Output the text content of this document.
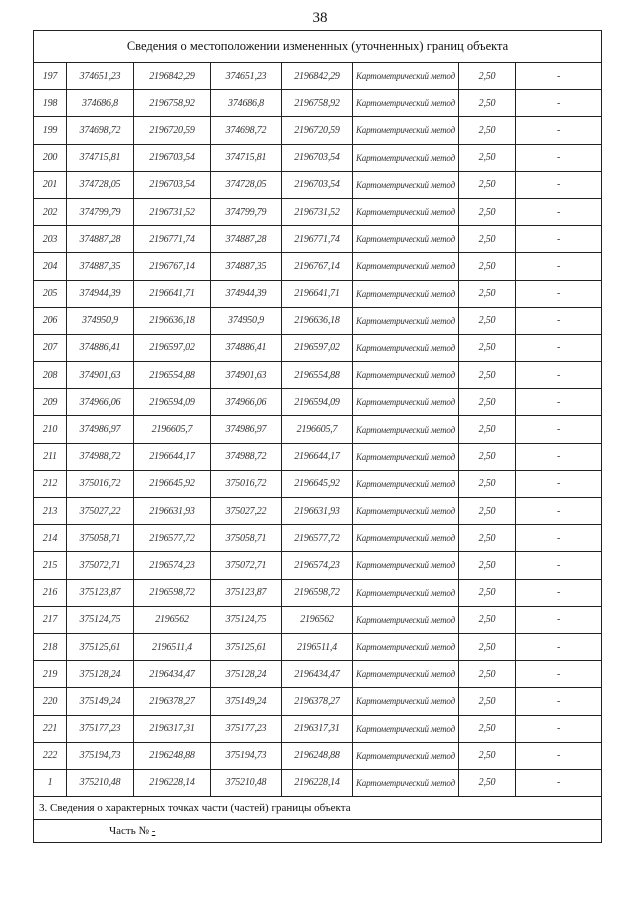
38
Сведения о местоположении измененных (уточненных) границ объекта							
197	374651,23	2196842,29	374651,23	2196842,29	Картометрический метод	2,50	-
198	374686,8	2196758,92	374686,8	2196758,92	Картометрический метод	2,50	-
199	374698,72	2196720,59	374698,72	2196720,59	Картометрический метод	2,50	-
200	374715,81	2196703,54	374715,81	2196703,54	Картометрический метод	2,50	-
201	374728,05	2196703,54	374728,05	2196703,54	Картометрический метод	2,50	-
202	374799,79	2196731,52	374799,79	2196731,52	Картометрический метод	2,50	-
203	374887,28	2196771,74	374887,28	2196771,74	Картометрический метод	2,50	-
204	374887,35	2196767,14	374887,35	2196767,14	Картометрический метод	2,50	-
205	374944,39	2196641,71	374944,39	2196641,71	Картометрический метод	2,50	-
206	374950,9	2196636,18	374950,9	2196636,18	Картометрический метод	2,50	-
207	374886,41	2196597,02	374886,41	2196597,02	Картометрический метод	2,50	-
208	374901,63	2196554,88	374901,63	2196554,88	Картометрический метод	2,50	-
209	374966,06	2196594,09	374966,06	2196594,09	Картометрический метод	2,50	-
210	374986,97	2196605,7	374986,97	2196605,7	Картометрический метод	2,50	-
211	374988,72	2196644,17	374988,72	2196644,17	Картометрический метод	2,50	-
212	375016,72	2196645,92	375016,72	2196645,92	Картометрический метод	2,50	-
213	375027,22	2196631,93	375027,22	2196631,93	Картометрический метод	2,50	-
214	375058,71	2196577,72	375058,71	2196577,72	Картометрический метод	2,50	-
215	375072,71	2196574,23	375072,71	2196574,23	Картометрический метод	2,50	-
216	375123,87	2196598,72	375123,87	2196598,72	Картометрический метод	2,50	-
217	375124,75	2196562	375124,75	2196562	Картометрический метод	2,50	-
218	375125,61	2196511,4	375125,61	2196511,4	Картометрический метод	2,50	-
219	375128,24	2196434,47	375128,24	2196434,47	Картометрический метод	2,50	-
220	375149,24	2196378,27	375149,24	2196378,27	Картометрический метод	2,50	-
221	375177,23	2196317,31	375177,23	2196317,31	Картометрический метод	2,50	-
222	375194,73	2196248,88	375194,73	2196248,88	Картометрический метод	2,50	-
1	375210,48	2196228,14	375210,48	2196228,14	Картометрический метод	2,50	-
3. Сведения о характерных точках части (частей) границы объекта							
Часть № -							
